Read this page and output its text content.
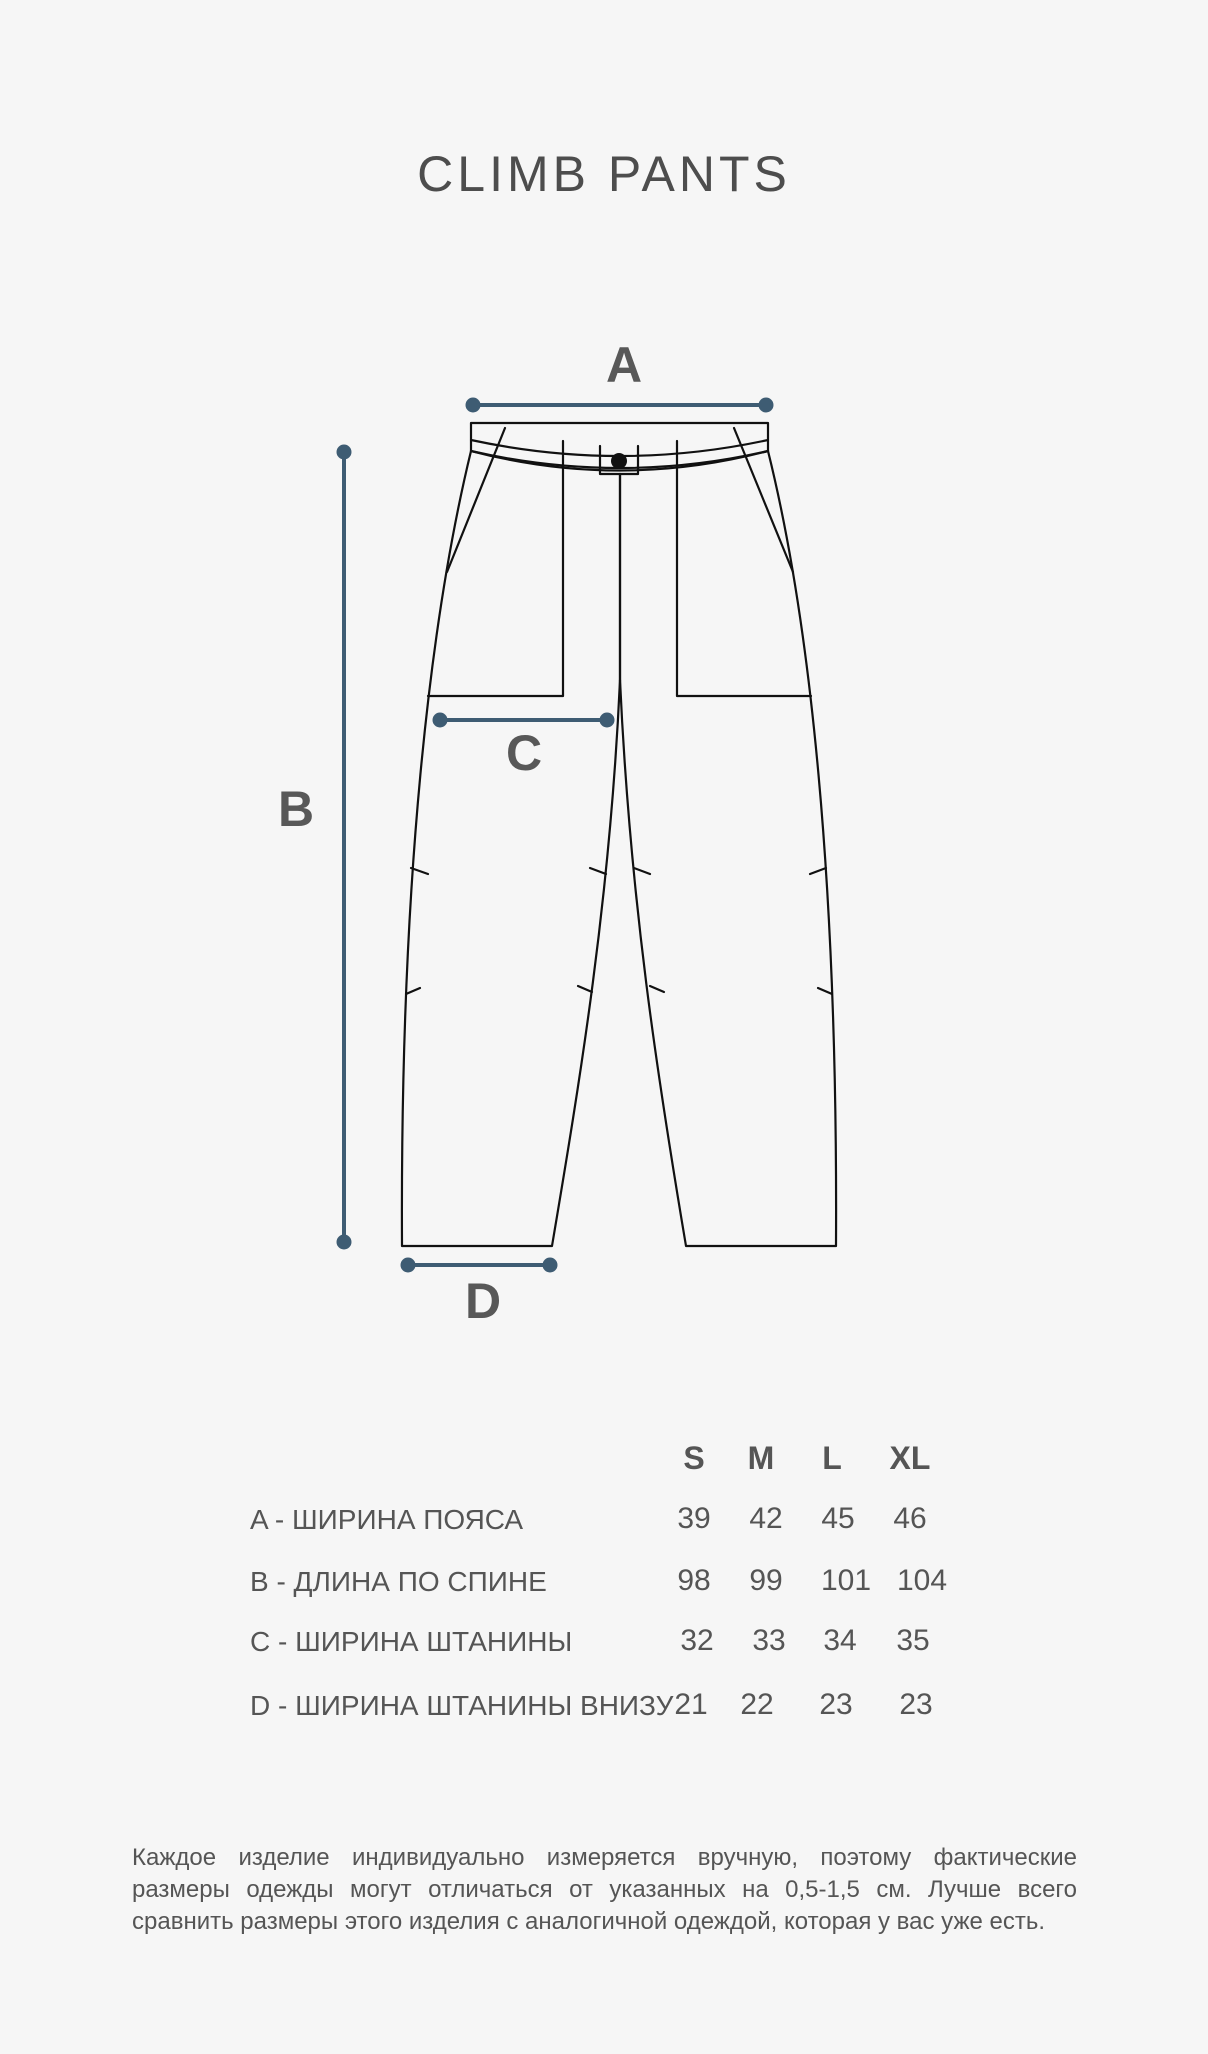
CLIMB PANTS
A
B
C
D
S	M	L	XL
A - ШИРИНА ПОЯСА	39	42	45	46
B - ДЛИНА ПО СПИНЕ	98	99	101 104
C - ШИРИНА ШТАНИНЫ	32	33	34	35
D - ШИРИНА ШТАНИНЫ ВНИЗУ 21	22	23	23
Каждое изделие индивидуально измеряется вручную, поэтому фактические размеры одежды могут отличаться от указанных на 0,5-1,5 см. Лучше всего сравнить размеры этого изделия с аналогичной одеждой, которая у вас уже есть.
